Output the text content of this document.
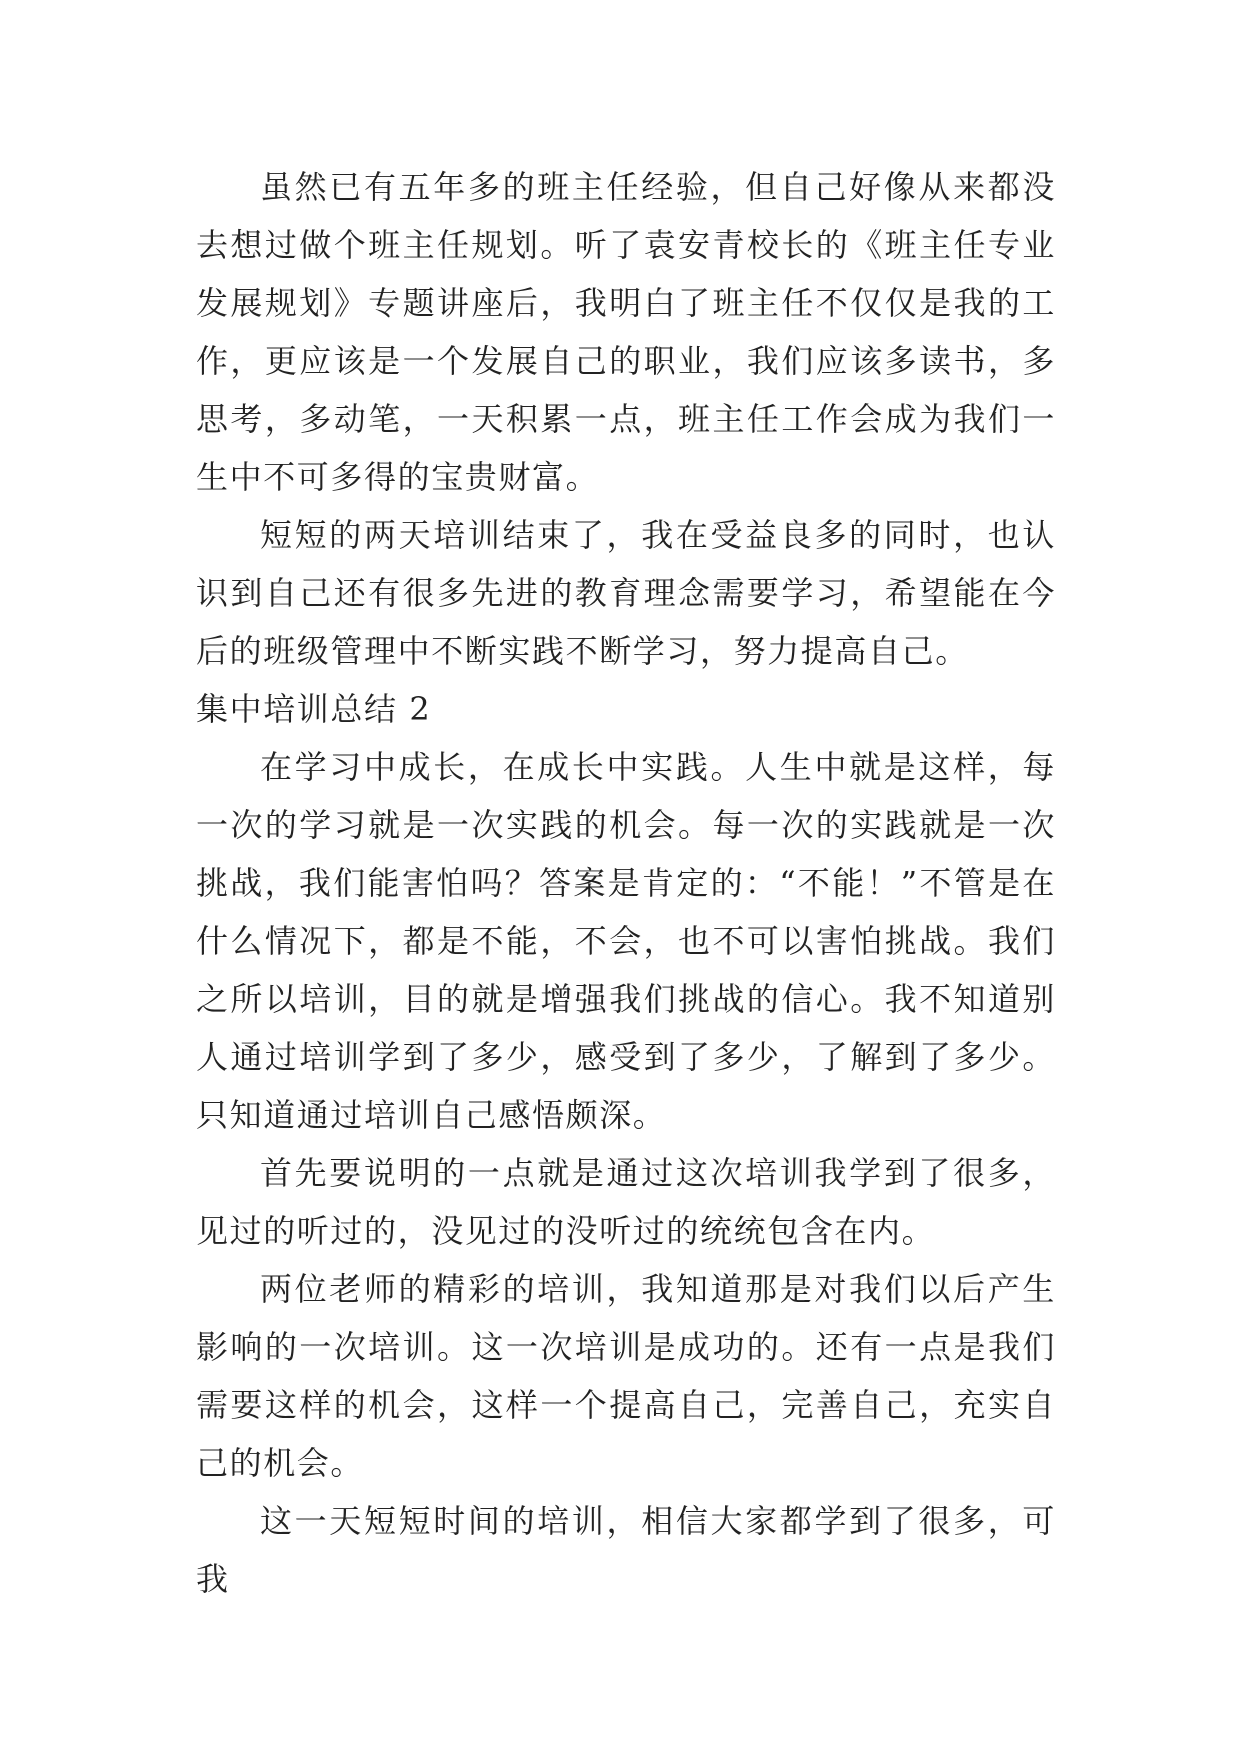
虽然已有五年多的班主任经验，但自己好像从来都没去想过做个班主任规划。听了袁安青校长的《班主任专业发展规划》专题讲座后，我明白了班主任不仅仅是我的工作，更应该是一个发展自己的职业，我们应该多读书，多思考，多动笔，一天积累一点，班主任工作会成为我们一生中不可多得的宝贵财富。

短短的两天培训结束了，我在受益良多的同时，也认识到自己还有很多先进的教育理念需要学习，希望能在今后的班级管理中不断实践不断学习，努力提高自己。

集中培训总结 2

在学习中成长，在成长中实践。人生中就是这样，每一次的学习就是一次实践的机会。每一次的实践就是一次挑战，我们能害怕吗？答案是肯定的：“不能！”不管是在什么情况下，都是不能，不会，也不可以害怕挑战。我们之所以培训，目的就是增强我们挑战的信心。我不知道别人通过培训学到了多少，感受到了多少，了解到了多少。只知道通过培训自己感悟颇深。

首先要说明的一点就是通过这次培训我学到了很多，见过的听过的，没见过的没听过的统统包含在内。

两位老师的精彩的培训，我知道那是对我们以后产生影响的一次培训。这一次培训是成功的。还有一点是我们需要这样的机会，这样一个提高自己，完善自己，充实自己的机会。

这一天短短时间的培训，相信大家都学到了很多，可我
